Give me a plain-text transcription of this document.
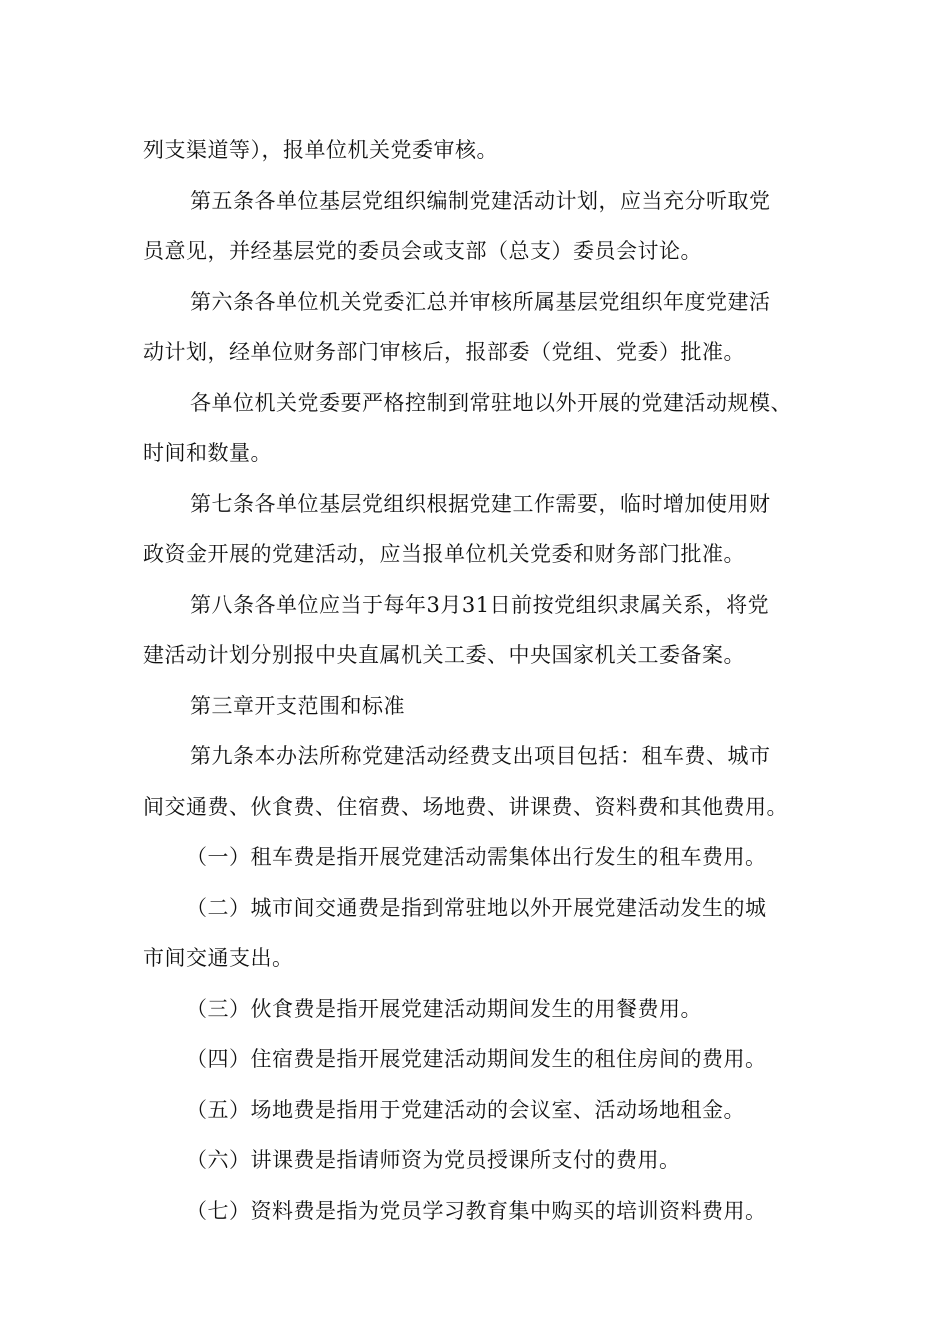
列支渠道等），报单位机关党委审核。
第五条各单位基层党组织编制党建活动计划，应当充分听取党
员意见，并经基层党的委员会或支部（总支）委员会讨论。
第六条各单位机关党委汇总并审核所属基层党组织年度党建活
动计划，经单位财务部门审核后，报部委（党组、党委）批准。
各单位机关党委要严格控制到常驻地以外开展的党建活动规模、
时间和数量。
第七条各单位基层党组织根据党建工作需要，临时增加使用财
政资金开展的党建活动，应当报单位机关党委和财务部门批准。
第八条各单位应当于每年3月31日前按党组织隶属关系，将党
建活动计划分别报中央直属机关工委、中央国家机关工委备案。
第三章开支范围和标准
第九条本办法所称党建活动经费支出项目包括：租车费、城市
间交通费、伙食费、住宿费、场地费、讲课费、资料费和其他费用。
（一）租车费是指开展党建活动需集体出行发生的租车费用。
（二）城市间交通费是指到常驻地以外开展党建活动发生的城
市间交通支出。
（三）伙食费是指开展党建活动期间发生的用餐费用。
（四）住宿费是指开展党建活动期间发生的租住房间的费用。
（五）场地费是指用于党建活动的会议室、活动场地租金。
（六）讲课费是指请师资为党员授课所支付的费用。
（七）资料费是指为党员学习教育集中购买的培训资料费用。
